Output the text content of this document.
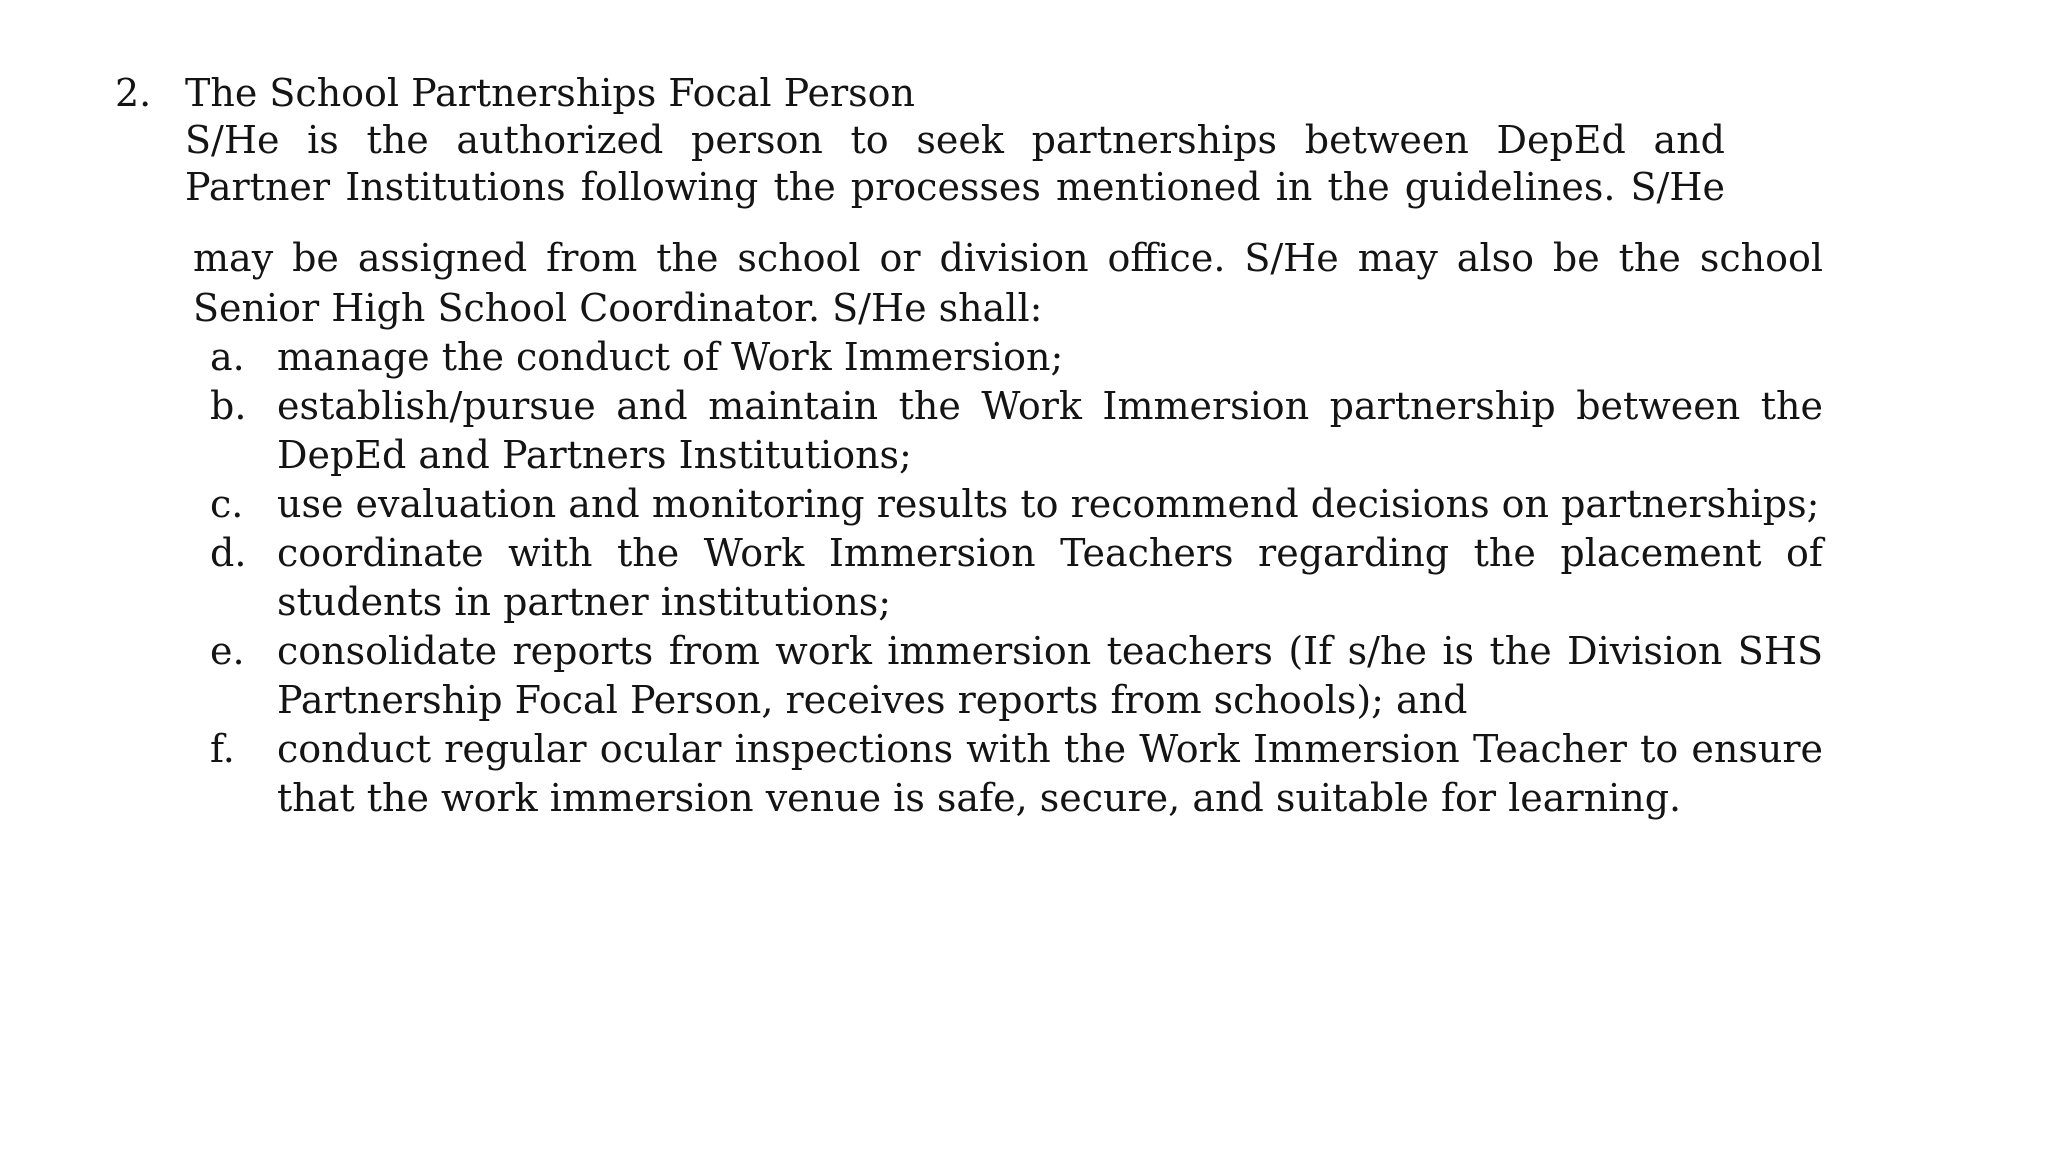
2. The School Partnerships Focal Person
S/He is the authorized person to seek partnerships between DepEd and
Partner Institutions following the processes mentioned in the guidelines. S/He
may be assigned from the school or division office. S/He may also be the school Senior High School Coordinator. S/He shall:
a. manage the conduct of Work Immersion;
b. establish/pursue and maintain the Work Immersion partnership between the DepEd and Partners Institutions;
c. use evaluation and monitoring results to recommend decisions on partnerships;
d. coordinate with the Work Immersion Teachers regarding the placement of students in partner institutions;
e. consolidate reports from work immersion teachers (If s/he is the Division SHS Partnership Focal Person, receives reports from schools); and
f.	conduct regular ocular inspections with the Work Immersion Teacher to ensure that the work immersion venue is safe, secure, and suitable for learning.
